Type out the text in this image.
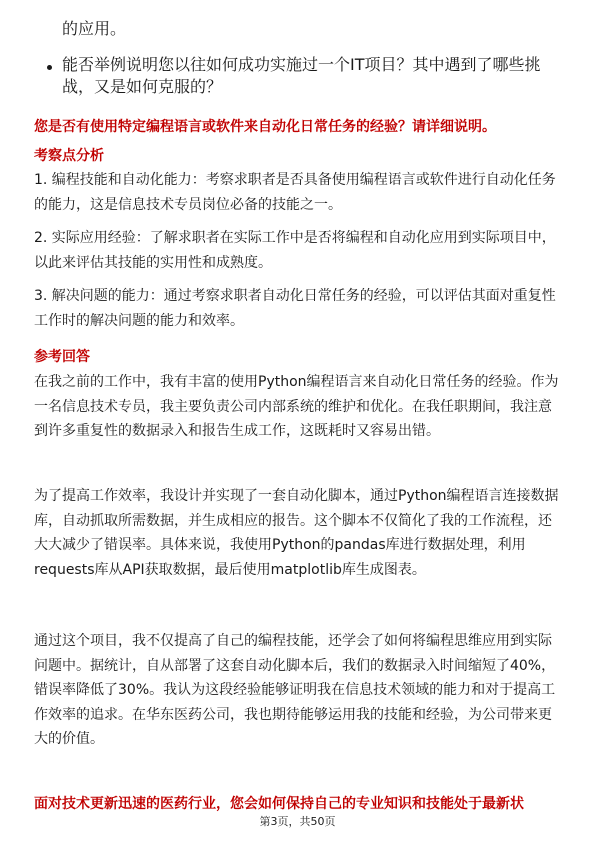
的应用。

能否举例说明您以往如何成功实施过一个IT项目？其中遇到了哪些挑战，又是如何克服的？

您是否有使用特定编程语言或软件来自动化日常任务的经验？请详细说明。

考察点分析

1. 编程技能和自动化能力：考察求职者是否具备使用编程语言或软件进行自动化任务的能力，这是信息技术专员岗位必备的技能之一。

2. 实际应用经验：了解求职者在实际工作中是否将编程和自动化应用到实际项目中，以此来评估其技能的实用性和成熟度。

3. 解决问题的能力：通过考察求职者自动化日常任务的经验，可以评估其面对重复性工作时的解决问题的能力和效率。

参考回答

在我之前的工作中，我有丰富的使用Python编程语言来自动化日常任务的经验。作为一名信息技术专员，我主要负责公司内部系统的维护和优化。在我任职期间，我注意到许多重复性的数据录入和报告生成工作，这既耗时又容易出错。

为了提高工作效率，我设计并实现了一套自动化脚本，通过Python编程语言连接数据库，自动抓取所需数据，并生成相应的报告。这个脚本不仅简化了我的工作流程，还大大减少了错误率。具体来说，我使用Python的pandas库进行数据处理，利用requests库从API获取数据，最后使用matplotlib库生成图表。

通过这个项目，我不仅提高了自己的编程技能，还学会了如何将编程思维应用到实际问题中。据统计，自从部署了这套自动化脚本后，我们的数据录入时间缩短了40%，错误率降低了30%。我认为这段经验能够证明我在信息技术领域的能力和对于提高工作效率的追求。在华东医药公司，我也期待能够运用我的技能和经验，为公司带来更大的价值。

面对技术更新迅速的医药行业，您会如何保持自己的专业知识和技能处于最新状

第3页，共50页
